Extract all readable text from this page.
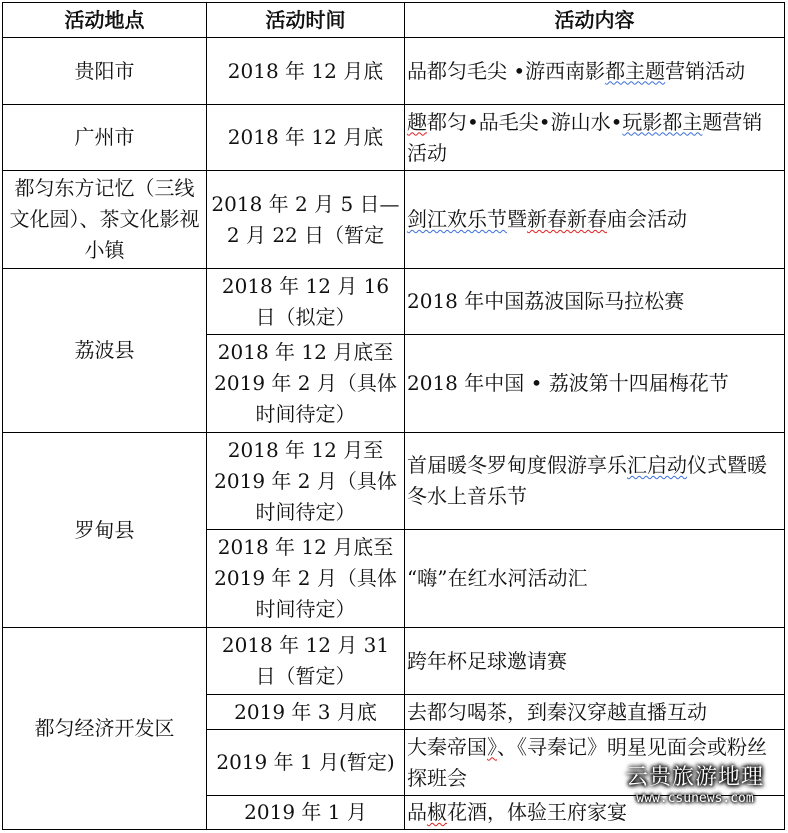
活动地点	活动时间	活动内容
贵阳市	2018 年 12 月底	品都匀毛尖 •游西南影都主题营销活动
广州市	2018 年 12 月底	趣都匀•品毛尖•游山水•玩影都主题营销活动
都匀东方记忆（三线文化园）、茶文化影视小镇	2018 年 2 月 5 日—2 月 22 日（暂定	剑江欢乐节暨新春新春庙会活动
荔波县	2018 年 12 月 16 日（拟定）	2018 年中国荔波国际马拉松赛
	2018 年 12 月底至 2019 年 2 月（具体时间待定）	2018 年中国 • 荔波第十四届梅花节
罗甸县	2018 年 12 月至 2019 年 2 月（具体时间待定）	首届暖冬罗甸度假游享乐汇启动仪式暨暖冬水上音乐节
	2018 年 12 月底至 2019 年 2 月（具体时间待定）	“嗨”在红水河活动汇
都匀经济开发区	2018 年 12 月 31 日（暂定）	跨年杯足球邀请赛
	2019 年 3 月底	去都匀喝茶，到秦汉穿越直播互动
	2019 年 1 月(暂定)	大秦帝国》、《寻秦记》明星见面会或粉丝探班会
	2019 年 1 月	品椒花酒，体验王府家宴
云贵旅游地理
www.csunews.com
